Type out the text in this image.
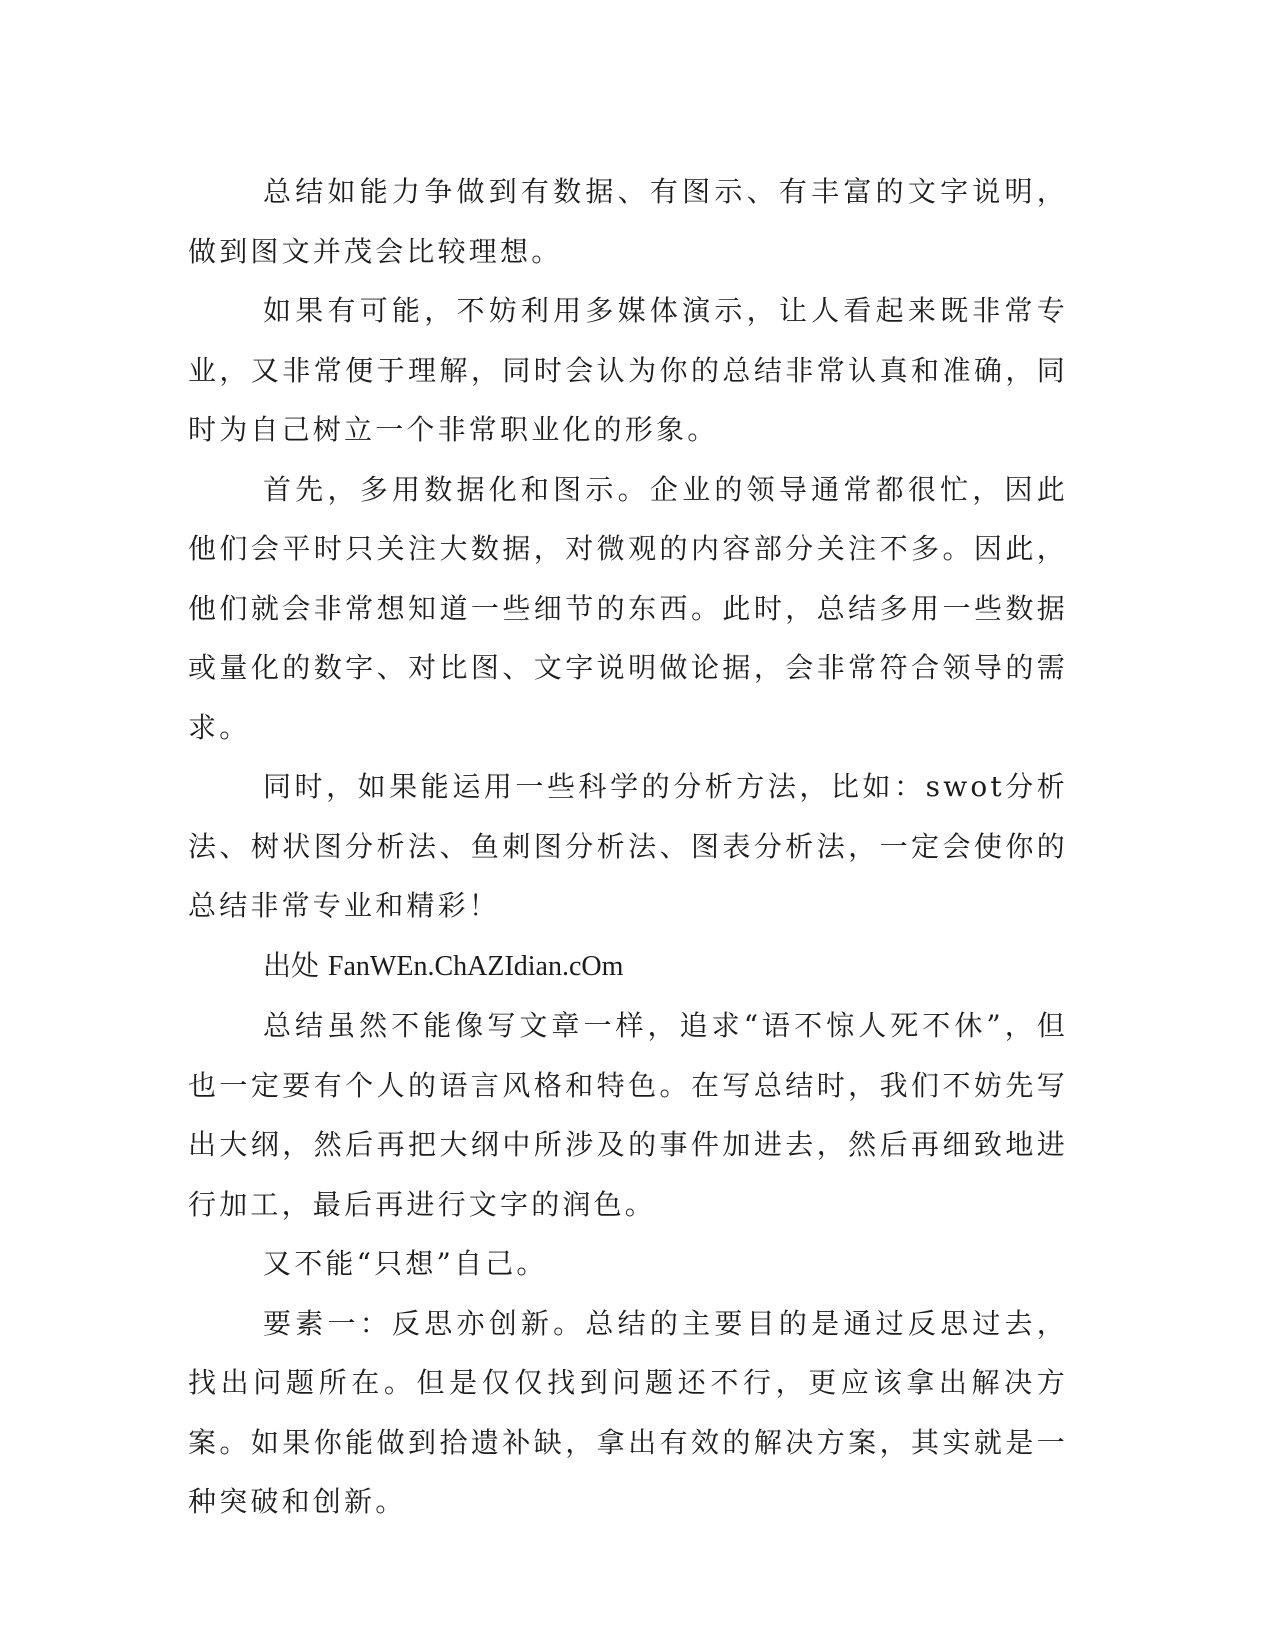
总结如能力争做到有数据、有图示、有丰富的文字说明，做到图文并茂会比较理想。

如果有可能，不妨利用多媒体演示，让人看起来既非常专业，又非常便于理解，同时会认为你的总结非常认真和准确，同时为自己树立一个非常职业化的形象。

首先，多用数据化和图示。企业的领导通常都很忙，因此他们会平时只关注大数据，对微观的内容部分关注不多。因此，他们就会非常想知道一些细节的东西。此时，总结多用一些数据或量化的数字、对比图、文字说明做论据，会非常符合领导的需求。

同时，如果能运用一些科学的分析方法，比如：swot分析法、树状图分析法、鱼刺图分析法、图表分析法，一定会使你的总结非常专业和精彩！

出处 FanWEn.ChAZIdian.cOm

总结虽然不能像写文章一样，追求“语不惊人死不休”，但也一定要有个人的语言风格和特色。在写总结时，我们不妨先写出大纲，然后再把大纲中所涉及的事件加进去，然后再细致地进行加工，最后再进行文字的润色。

又不能“只想”自己。

要素一：反思亦创新。总结的主要目的是通过反思过去，找出问题所在。但是仅仅找到问题还不行，更应该拿出解决方案。如果你能做到拾遗补缺，拿出有效的解决方案，其实就是一种突破和创新。
